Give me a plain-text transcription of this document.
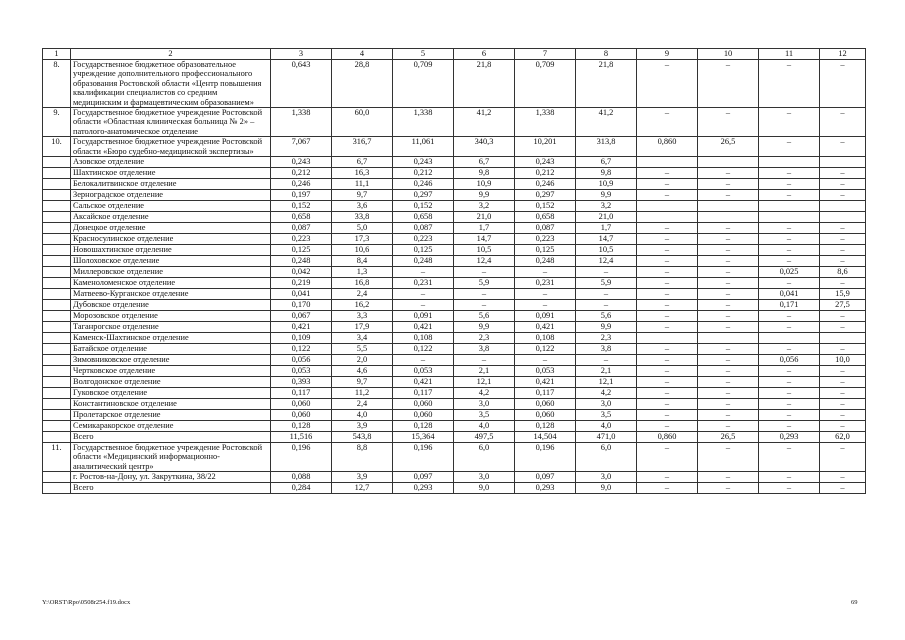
1	2	3	4	5	6	7	8	9	10	11	12
8.	Государственное бюджетное образовательное учреждение дополнительного профессионального образования Ростовской области «Центр повышения квалификации специалистов со средним медицинским и фармацевтическим образованием»	0,643	28,8	0,709	21,8	0,709	21,8	–	–	–	–
9.	Государственное бюджетное учреждение Ростовской области «Областная клиническая больница № 2» – патолого-анатомическое отделение	1,338	60,0	1,338	41,2	1,338	41,2	–	–	–	–
10.	Государственное бюджетное учреждение Ростовской области «Бюро судебно-медицинской экспертизы»	7,067	316,7	11,061	340,3	10,201	313,8	0,860	26,5	–	–
	Азовское отделение	0,243	6,7	0,243	6,7	0,243	6,7				
	Шахтинское отделение	0,212	16,3	0,212	9,8	0,212	9,8	–	–	–	–
	Белокалитвинское отделение	0,246	11,1	0,246	10,9	0,246	10,9	–	–	–	–
	Зерноградское отделение	0,197	9,7	0,297	9,9	0,297	9,9	–	–	–	–
	Сальское отделение	0,152	3,6	0,152	3,2	0,152	3,2				
	Аксайское отделение	0,658	33,8	0,658	21,0	0,658	21,0				
	Донецкое отделение	0,087	5,0	0,087	1,7	0,087	1,7	–	–	–	–
	Красносулинское отделение	0,223	17,3	0,223	14,7	0,223	14,7	–	–	–	–
	Новошахтинское отделение	0,125	10,6	0,125	10,5	0,125	10,5	–	–	–	–
	Шолоховское отделение	0,248	8,4	0,248	12,4	0,248	12,4	–	–	–	–
	Миллеровское отделение	0,042	1,3	–	–	–	–	–	–	0,025	8,6
	Каменоломенское отделение	0,219	16,8	0,231	5,9	0,231	5,9	–	–	–	–
	Матвеево-Курганское отделение	0,041	2,4	–	–	–	–	–	–	0,041	15,9
	Дубовское отделение	0,170	16,2	–	–	–	–	–	–	0,171	27,5
	Морозовское отделение	0,067	3,3	0,091	5,6	0,091	5,6	–	–	–	–
	Таганрогское отделение	0,421	17,9	0,421	9,9	0,421	9,9	–	–	–	–
	Каменск-Шахтинское отделение	0,109	3,4	0,108	2,3	0,108	2,3				
	Батайское отделение	0,122	5,5	0,122	3,8	0,122	3,8	–	–	–	–
	Зимовниковское отделение	0,056	2,0	–	–	–	–	–	–	0,056	10,0
	Чертковское отделение	0,053	4,6	0,053	2,1	0,053	2,1	–	–	–	–
	Волгодонское отделение	0,393	9,7	0,421	12,1	0,421	12,1	–	–	–	–
	Гуковское отделение	0,117	11,2	0,117	4,2	0,117	4,2	–	–	–	–
	Константиновское отделение	0,060	2,4	0,060	3,0	0,060	3,0	–	–	–	–
	Пролетарское отделение	0,060	4,0	0,060	3,5	0,060	3,5	–	–	–	–
	Семикаракорское отделение	0,128	3,9	0,128	4,0	0,128	4,0	–	–	–	–
	Всего	11,516	543,8	15,364	497,5	14,504	471,0	0,860	26,5	0,293	62,0
11.	Государственное бюджетное учреждение Ростовской области «Медицинский информационно-аналитический центр»	0,196	8,8	0,196	6,0	0,196	6,0	–	–	–	–
	г. Ростов-на-Дону, ул. Закруткина, 38/22	0,088	3,9	0,097	3,0	0,097	3,0	–	–	–	–
	Всего	0,284	12,7	0,293	9,0	0,293	9,0	–	–	–	–
Y:\ORST\Rpo\0508r254.f19.docx	69
